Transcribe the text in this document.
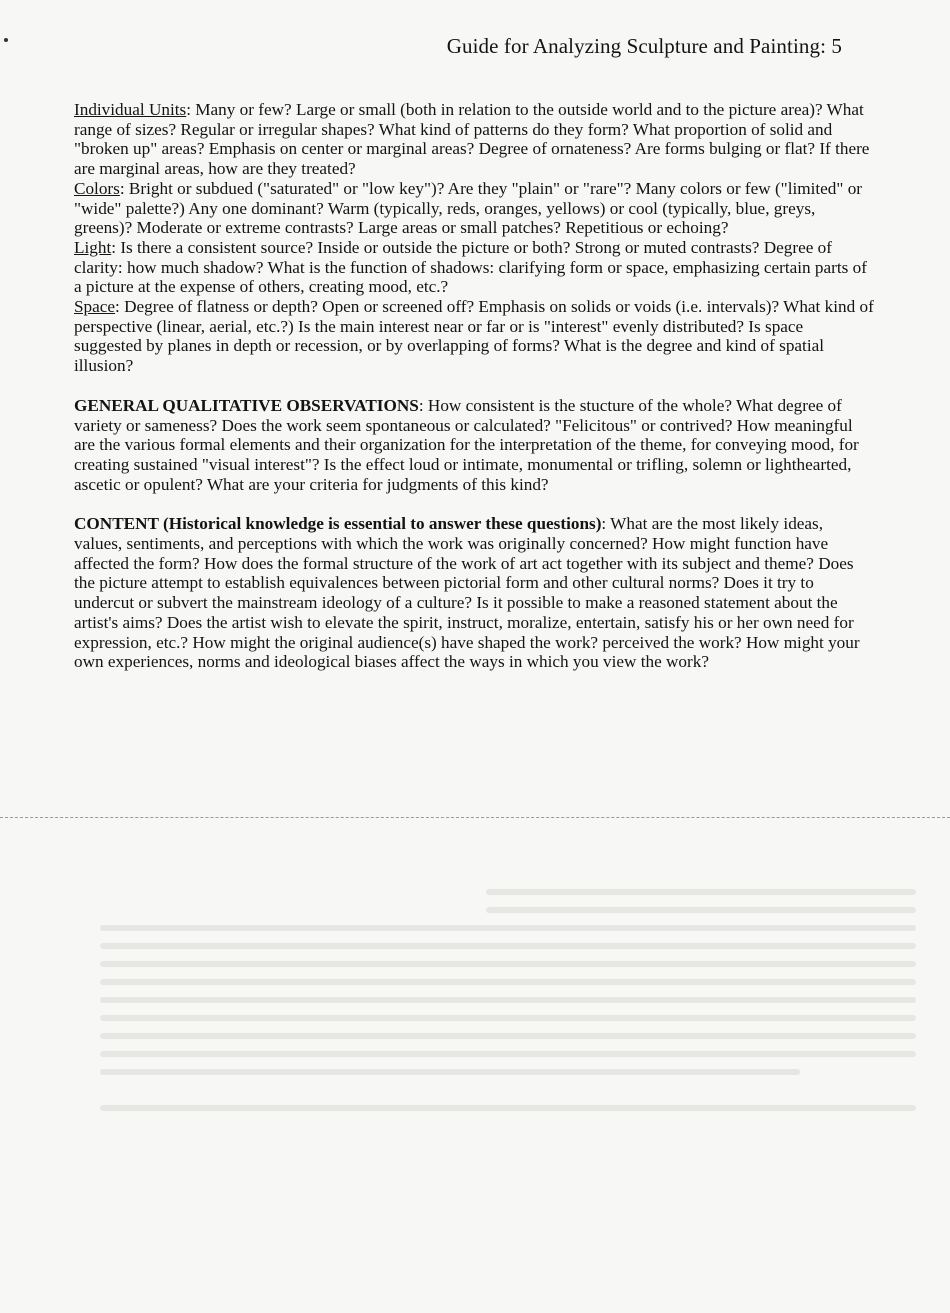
Guide for Analyzing Sculpture and Painting: 5

Individual Units: Many or few? Large or small (both in relation to the outside world and to the picture area)? What range of sizes? Regular or irregular shapes? What kind of patterns do they form? What proportion of solid and "broken up" areas? Emphasis on center or marginal areas? Degree of ornateness? Are forms bulging or flat? If there are marginal areas, how are they treated?

Colors: Bright or subdued ("saturated" or "low key")? Are they "plain" or "rare"? Many colors or few ("limited" or "wide" palette?) Any one dominant? Warm (typically, reds, oranges, yellows) or cool (typically, blue, greys, greens)? Moderate or extreme contrasts? Large areas or small patches? Repetitious or echoing?

Light: Is there a consistent source? Inside or outside the picture or both? Strong or muted contrasts? Degree of clarity: how much shadow? What is the function of shadows: clarifying form or space, emphasizing certain parts of a picture at the expense of others, creating mood, etc.?

Space: Degree of flatness or depth? Open or screened off? Emphasis on solids or voids (i.e. intervals)? What kind of perspective (linear, aerial, etc.?) Is the main interest near or far or is "interest" evenly distributed? Is space suggested by planes in depth or recession, or by overlapping of forms? What is the degree and kind of spatial illusion?

GENERAL QUALITATIVE OBSERVATIONS: How consistent is the stucture of the whole? What degree of variety or sameness? Does the work seem spontaneous or calculated? "Felicitous" or contrived? How meaningful are the various formal elements and their organization for the interpretation of the theme, for conveying mood, for creating sustained "visual interest"? Is the effect loud or intimate, monumental or trifling, solemn or lighthearted, ascetic or opulent? What are your criteria for judgments of this kind?

CONTENT (Historical knowledge is essential to answer these questions): What are the most likely ideas, values, sentiments, and perceptions with which the work was originally concerned? How might function have affected the form? How does the formal structure of the work of art act together with its subject and theme? Does the picture attempt to establish equivalences between pictorial form and other cultural norms? Does it try to undercut or subvert the mainstream ideology of a culture? Is it possible to make a reasoned statement about the artist's aims? Does the artist wish to elevate the spirit, instruct, moralize, entertain, satisfy his or her own need for expression, etc.? How might the original audience(s) have shaped the work? perceived the work? How might your own experiences, norms and ideological biases affect the ways in which you view the work?
